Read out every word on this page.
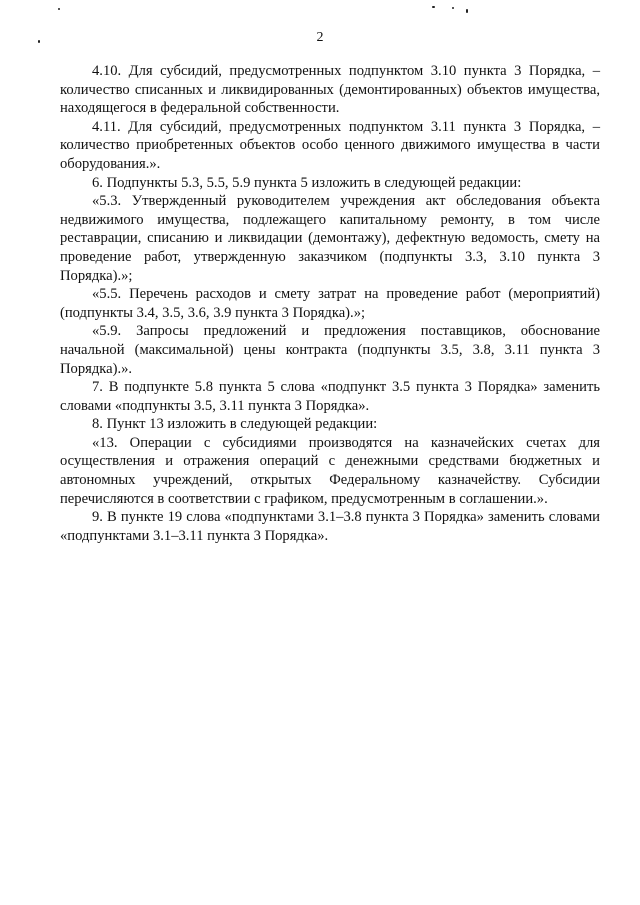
2

4.10. Для субсидий, предусмотренных подпунктом 3.10 пункта 3 Порядка, – количество списанных и ликвидированных (демонтированных) объектов имущества, находящегося в федеральной собственности.

4.11. Для субсидий, предусмотренных подпунктом 3.11 пункта 3 Порядка, – количество приобретенных объектов особо ценного движимого имущества в части оборудования.».

6. Подпункты 5.3, 5.5, 5.9 пункта 5 изложить в следующей редакции:

«5.3. Утвержденный руководителем учреждения акт обследования объекта недвижимого имущества, подлежащего капитальному ремонту, в том числе реставрации, списанию и ликвидации (демонтажу), дефектную ведомость, смету на проведение работ, утвержденную заказчиком (подпункты 3.3, 3.10 пункта 3 Порядка).»;

«5.5. Перечень расходов и смету затрат на проведение работ (мероприятий) (подпункты 3.4, 3.5, 3.6, 3.9 пункта 3 Порядка).»;

«5.9. Запросы предложений и предложения поставщиков, обоснование начальной (максимальной) цены контракта (подпункты 3.5, 3.8, 3.11 пункта 3 Порядка).».

7. В подпункте 5.8 пункта 5 слова «подпункт 3.5 пункта 3 Порядка» заменить словами «подпункты 3.5, 3.11 пункта 3 Порядка».

8. Пункт 13 изложить в следующей редакции:

«13. Операции с субсидиями производятся на казначейских счетах для осуществления и отражения операций с денежными средствами бюджетных и автономных учреждений, открытых Федеральному казначейству. Субсидии перечисляются в соответствии с графиком, предусмотренным в соглашении.».

9. В пункте 19 слова «подпунктами 3.1–3.8 пункта 3 Порядка» заменить словами «подпунктами 3.1–3.11 пункта 3 Порядка».
